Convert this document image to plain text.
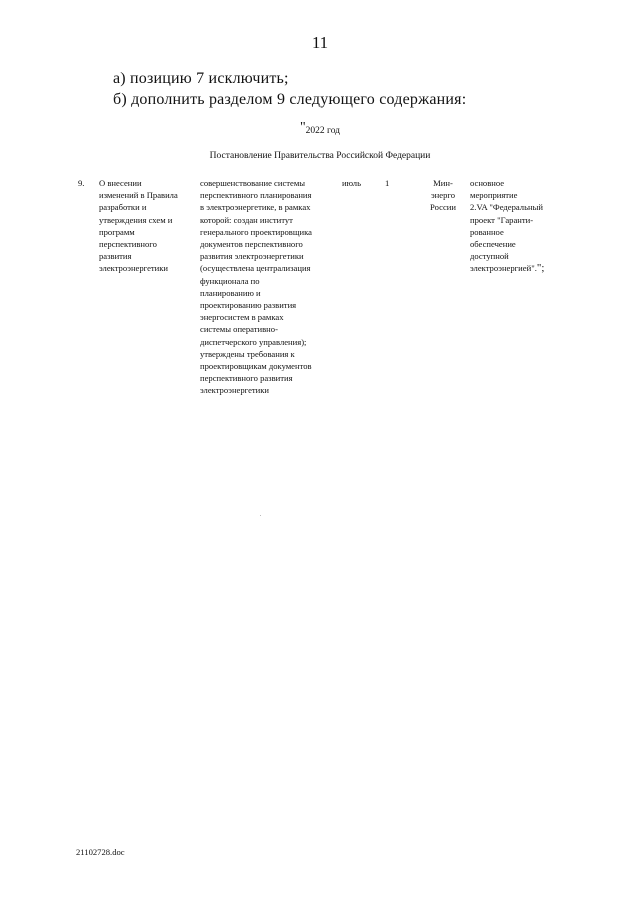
11
а) позицию 7 исключить;
б) дополнить разделом 9 следующего содержания:
"2022 год
Постановление Правительства Российской Федерации
9. О внесении
изменений в Правила
разработки и
утверждения схем и
программ
перспективного
развития
электроэнергетики
совершенствование системы
перспективного планирования
в электроэнергетике, в рамках
которой: создан институт
генерального проектировщика
документов перспективного
развития электроэнергетики
(осуществлена централизация
функционала по
планированию и
проектированию развития
энергосистем в рамках
системы оперативно-
диспетчерского управления);
утверждены требования к
проектировщикам документов
перспективного развития
электроэнергетики
июль	1	Мин-
энерго
России
основное
мероприятие
2.VA "Федеральный
проект "Гаранти-
рованное
обеспечение
доступной
электроэнергией".";
21102728.doc
